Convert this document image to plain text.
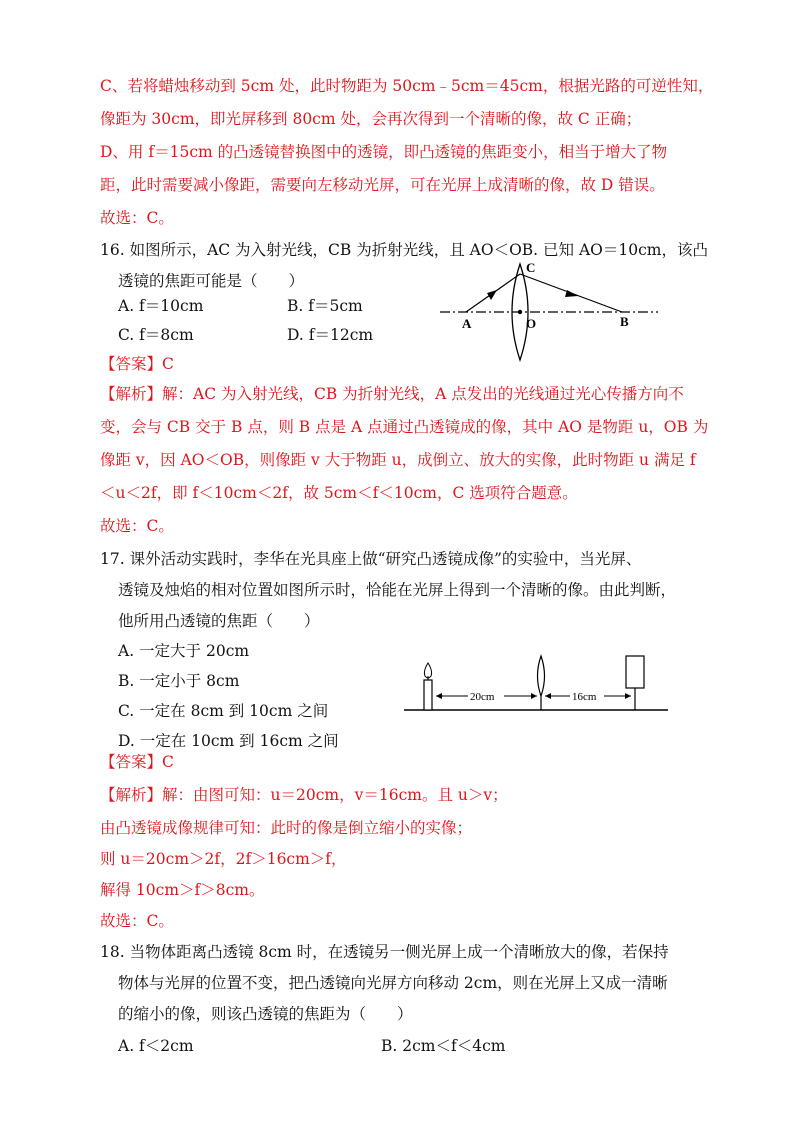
C、若将蜡烛移动到 5cm 处，此时物距为 50cm﹣5cm＝45cm，根据光路的可逆性知，
像距为 30cm，即光屏移到 80cm 处，会再次得到一个清晰的像，故 C 正确；
D、用 f＝15cm 的凸透镜替换图中的透镜，即凸透镜的焦距变小，相当于增大了物
距，此时需要减小像距，需要向左移动光屏，可在光屏上成清晰的像，故 D 错误。
故选：C。
16. 如图所示，AC 为入射光线，CB 为折射光线，且 AO＜OB. 已知 AO＝10cm，该凸
透镜的焦距可能是（　　）
A. f＝10cm	B. f＝5cm
C. f＝8cm	D. f＝12cm
【答案】C
A	O	B
C
【解析】解：AC 为入射光线，CB 为折射光线，A 点发出的光线通过光心传播方向不
变，会与 CB 交于 B 点，则 B 点是 A 点通过凸透镜成的像，其中 AO 是物距 u，OB 为
像距 v，因 AO＜OB，则像距 v 大于物距 u，成倒立、放大的实像，此时物距 u 满足 f
＜u＜2f，即 f＜10cm＜2f，故 5cm＜f＜10cm，C 选项符合题意。
故选：C。
17. 课外活动实践时，李华在光具座上做“研究凸透镜成像”的实验中，当光屏、
透镜及烛焰的相对位置如图所示时，恰能在光屏上得到一个清晰的像。由此判断，
他所用凸透镜的焦距（　　）
A. 一定大于 20cm
B. 一定小于 8cm
C. 一定在 8cm 到 10cm 之间
D. 一定在 10cm 到 16cm 之间
20cm	16cm
【答案】C
【解析】解：由图可知：u＝20cm，v＝16cm。且 u＞v；
由凸透镜成像规律可知：此时的像是倒立缩小的实像；
则 u＝20cm＞2f，2f＞16cm＞f，
解得 10cm＞f＞8cm。
故选：C。
18. 当物体距离凸透镜 8cm 时，在透镜另一侧光屏上成一个清晰放大的像，若保持
物体与光屏的位置不变，把凸透镜向光屏方向移动 2cm，则在光屏上又成一清晰
的缩小的像，则该凸透镜的焦距为（　　）
A. f＜2cm	B. 2cm＜f＜4cm
